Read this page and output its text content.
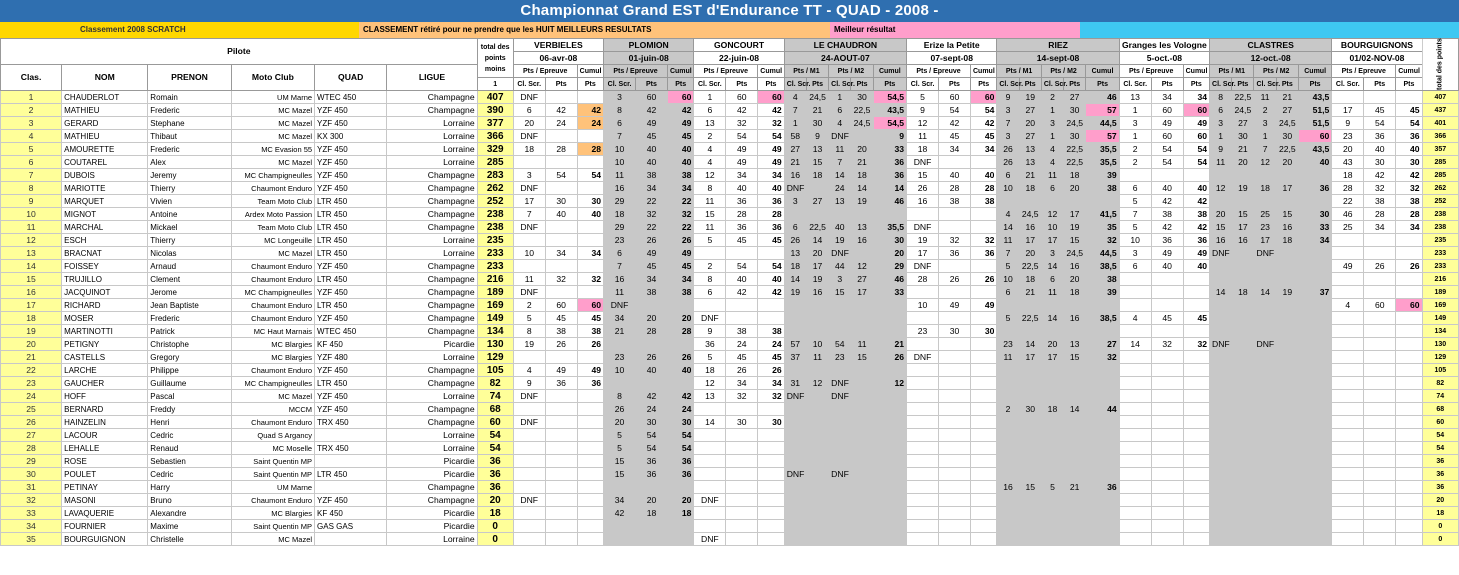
Championnat Grand EST d'Endurance TT - QUAD - 2008 -
Classement 2008 SCRATCH	CLASSEMENT rétiré pour ne prendre que les HUIT MEILLEURS RESULTATS	Meilleur résultat
Pilote						total des points moins	VERBIELES			PLOMION			GONCOURT			LE CHAUDRON					Erize la Petite			RIEZ					Granges les Vologne			CLASTRES					BOURGUIGNONS			total des points
							06-avr-08			01-juin-08			22-juin-08			24-AOUT-07					07-sept-08			14-sept-08					5-oct.-08			12-oct.-08					01/02-NOV-08			
Clas.	NOM	PRENON	Moto Club	QUAD	LIGUE		Pts / Epreuve		Cumul	Pts / Epreuve		Cumul	Pts / Epreuve		Cumul	Pts / M1		Pts / M2		Cumul	Pts / Epreuve		Cumul	Pts / M1		Pts / M2		Cumul	Pts / Epreuve		Cumul	Pts / M1		Pts / M2		Cumul	Pts / Epreuve		Cumul	
						1	Cl. Scr.	Pts	Pts	Cl. Scr.	Pts	Pts	Cl. Scr.	Pts	Pts	Cl. Scr.	Pts	Cl. Scr.	Pts	Pts	Cl. Scr.	Pts	Pts	Cl. Scr.	Pts	Cl. Scr.	Pts	Pts	Cl. Scr.	Pts	Pts	Cl. Scr.	Pts	Cl. Scr.	Pts	Pts	Cl. Scr.	Pts	Pts	
1	CHAUDERLOT	Romain	UM Marne	WTEC 450	Champagne	407	DNF			3	60	60	1	60	60	4	24,5	1	30	54,5	5	60	60	9	19	2	27	46	13	34	34	8	22,5	11	21	43,5				407
2	MATHIEU	Frederic	MC Mazel	YZF 450	Champagne	390	6	42	42	8	42	42	6	42	42	7	21	6	22,5	43,5	9	54	54	3	27	1	30	57	1	60	60	6	24,5	2	27	51,5	17	45	45	437
3	GERARD	Stephane	MC Mazel	YZF 450	Lorraine	377	20	24	24	6	49	49	13	32	32	1	30	4	24,5	54,5	12	42	42	7	20	3	24,5	44,5	3	49	49	3	27	3	24,5	51,5	9	54	54	401
4	MATHIEU	Thibaut	MC Mazel	KX 300	Lorraine	366	DNF			7	45	45	2	54	54	58	9	DNF		9	11	45	45	3	27	1	30	57	1	60	60	1	30	1	30	60	23	36	36	366
5	AMOURETTE	Frederic	MC Evasion 55	YZF 450	Lorraine	329	18	28	28	10	40	40	4	49	49	27	13	11	20	33	18	34	34	26	13	4	22,5	35,5	2	54	54	9	21	7	22,5	43,5	20	40	40	357
6	COUTAREL	Alex	MC Mazel	YZF 450	Lorraine	285				10	40	40	4	49	49	21	15	7	21	36	DNF			26	13	4	22,5	35,5	2	54	54	11	20	12	20	40	43	30	30	285
7	DUBOIS	Jeremy	MC Champigneulles	YZF 450	Champagne	283	3	54	54	11	38	38	12	34	34	16	18	14	18	36	15	40	40	6	21	11	18	39									18	42	42	285
8	MARIOTTE	Thierry	Chaumont Enduro	YZF 450	Champagne	262	DNF			16	34	34	8	40	40	DNF		24	14	14	26	28	28	10	18	6	20	38	6	40	40	12	19	18	17	36	28	32	32	262
9	MARQUET	Vivien	Team Moto Club	LTR 450	Champagne	252	17	30	30	29	22	22	11	36	36	3	27	13	19	46	16	38	38						5	42	42						22	38	38	252
10	MIGNOT	Antoine	Ardex Moto Passion	LTR 450	Champagne	238	7	40	40	18	32	32	15	28	28									4	24,5	12	17	41,5	7	38	38	20	15	25	15	30	46	28	28	238
11	MARCHAL	Mickael	Team Moto Club	LTR 450	Champagne	238	DNF			29	22	22	11	36	36	6	22,5	40	13	35,5	DNF			14	16	10	19	35	5	42	42	15	17	23	16	33	25	34	34	238
12	ESCH	Thierry	MC Longeuille	LTR 450	Lorraine	235				23	26	26	5	45	45	26	14	19	16	30	19	32	32	11	17	17	15	32	10	36	36	16	16	17	18	34				235
13	BRACNAT	Nicolas	MC Mazel	LTR 450	Lorraine	233	10	34	34	6	49	49				13	20	DNF		20	17	36	36	7	20	3	24,5	44,5	3	49	49	DNF		DNF						233
14	FOISSEY	Arnaud	Chaumont Enduro	YZF 450	Champagne	233				7	45	45	2	54	54	18	17	44	12	29	DNF			5	22,5	14	16	38,5	6	40	40						49	26	26	233
15	TRUJILLO	Clement	Chaumont Enduro	LTR 450	Champagne	216	11	32	32	16	34	34	8	40	40	14	19	3	27	46	28	26	26	10	18	6	20	38												216
16	JACQUINOT	Jerome	MC Champigneulles	YZF 450	Champagne	189	DNF			11	38	38	6	42	42	19	16	15	17	33				6	21	11	18	39				14	18	14	19	37				189
17	RICHARD	Jean Baptiste	Chaumont Enduro	LTR 450	Champagne	169	2	60	60	DNF											10	49	49														4	60	60	169
18	MOSER	Frederic	Chaumont Enduro	YZF 450	Champagne	149	5	45	45	34	20	20	DNF											5	22,5	14	16	38,5	4	45	45									149
19	MARTINOTTI	Patrick	MC Haut Marnais	WTEC 450	Champagne	134	8	38	38	21	28	28	9	38	38						23	30	30																	134
20	PETIGNY	Christophe	MC Blargies	KF 450	Picardie	130	19	26	26				36	24	24	57	10	54	11	21				23	14	20	13	27	14	32	32	DNF		DNF						130
21	CASTELLS	Gregory	MC Blargies	YZF 480	Lorraine	129				23	26	26	5	45	45	37	11	23	15	26	DNF			11	17	17	15	32												129
22	LARCHE	Philippe	Chaumont Enduro	YZF 450	Champagne	105	4	49	49	10	40	40	18	26	26																									105
23	GAUCHER	Guillaume	MC Champigneulles	LTR 450	Champagne	82	9	36	36				12	34	34	31	12	DNF		12																				82
24	HOFF	Pascal	MC Mazel	YZF 450	Lorraine	74	DNF			8	42	42	13	32	32	DNF		DNF																						74
25	BERNARD	Freddy	MCCM	YZF 450	Champagne	68				26	24	24												2	30	18	14	44												68
26	HAINZELIN	Henri	Chaumont Enduro	TRX 450	Champagne	60	DNF			20	30	30	14	30	30																									60
27	LACOUR	Cedric	Quad S Argancy		Lorraine	54				5	54	54																												54
28	LEHALLE	Renaud	MC Moselle	TRX 450	Lorraine	54				5	54	54																												54
29	ROSE	Sebastien	Saint Quentin MP		Picardie	36				15	36	36																												36
30	POULET	Cedric	Saint Quentin MP	LTR 450	Picardie	36				15	36	36				DNF		DNF																						36
31	PETINAY	Harry	UM Marne		Champagne	36																		16	15	5	21	36												36
32	MASONI	Bruno	Chaumont Enduro	YZF 450	Champagne	20	DNF			34	20	20	DNF																											20
33	LAVAQUERIE	Alexandre	MC Blargies	KF 450	Picardie	18				42	18	18																												18
34	FOURNIER	Maxime	Saint Quentin MP	GAS GAS	Picardie	0																																		0
35	BOURGUIGNON	Christelle	MC Mazel		Lorraine	0							DNF																											0
